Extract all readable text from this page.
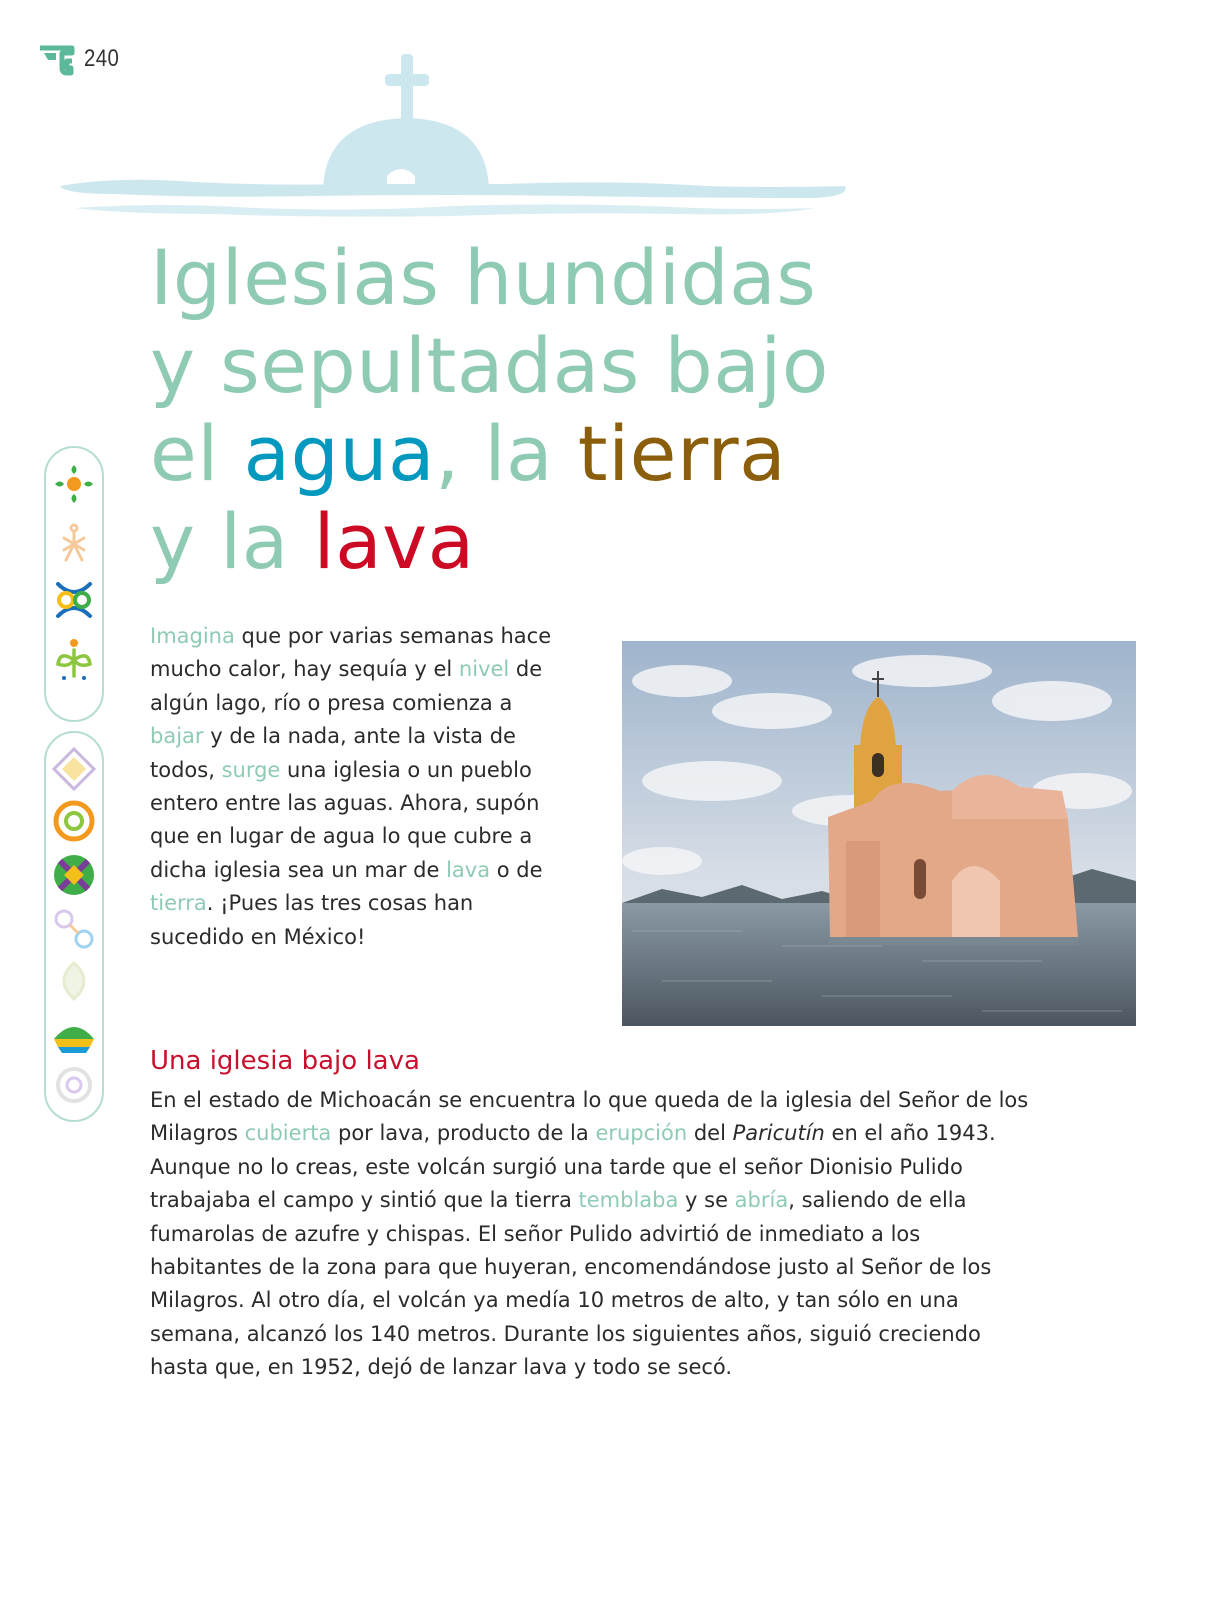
240
Iglesias hundidas
y sepultadas bajo
el agua, la tierra
y la lava

Imagina que por varias semanas hace mucho calor, hay sequía y el nivel de algún lago, río o presa comienza a bajar y de la nada, ante la vista de todos, surge una iglesia o un pueblo entero entre las aguas. Ahora, supón que en lugar de agua lo que cubre a dicha iglesia sea un mar de lava o de tierra. ¡Pues las tres cosas han sucedido en México!

Una iglesia bajo lava

En el estado de Michoacán se encuentra lo que queda de la iglesia del Señor de los Milagros cubierta por lava, producto de la erupción del Paricutín en el año 1943. Aunque no lo creas, este volcán surgió una tarde que el señor Dionisio Pulido trabajaba el campo y sintió que la tierra temblaba y se abría, saliendo de ella fumarolas de azufre y chispas. El señor Pulido advirtió de inmediato a los habitantes de la zona para que huyeran, encomendándose justo al Señor de los Milagros. Al otro día, el volcán ya medía 10 metros de alto, y tan sólo en una semana, alcanzó los 140 metros. Durante los siguientes años, siguió creciendo hasta que, en 1952, dejó de lanzar lava y todo se secó.
